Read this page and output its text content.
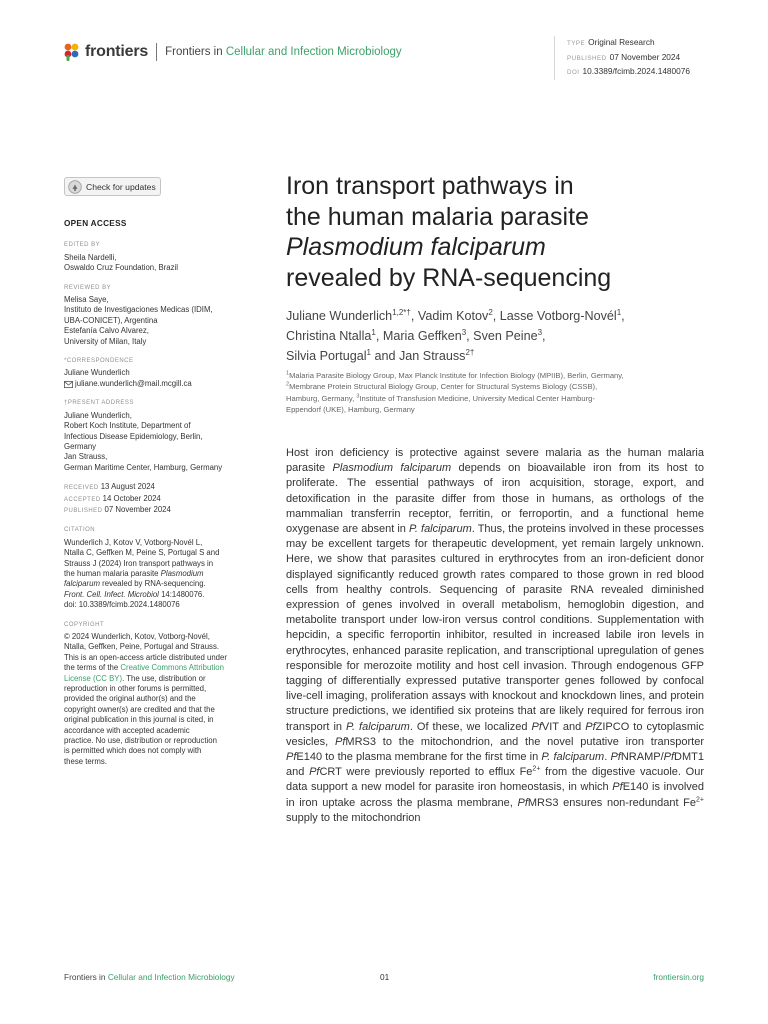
frontiers Frontiers in Cellular and Infection Microbiology
TYPE Original Research
PUBLISHED 07 November 2024
DOI 10.3389/fcimb.2024.1480076
Check for updates
OPEN ACCESS
EDITED BY
Sheila Nardelli,
Oswaldo Cruz Foundation, Brazil
REVIEWED BY
Melisa Saye,
Instituto de Investigaciones Medicas (IDIM,
UBA-CONICET), Argentina
Estefanía Calvo Alvarez,
University of Milan, Italy
*CORRESPONDENCE
Juliane Wunderlich
juliane.wunderlich@mail.mcgill.ca
†PRESENT ADDRESS
Juliane Wunderlich,
Robert Koch Institute, Department of
Infectious Disease Epidemiology, Berlin,
Germany
Jan Strauss,
German Maritime Center, Hamburg, Germany
RECEIVED 13 August 2024
ACCEPTED 14 October 2024
PUBLISHED 07 November 2024
CITATION
Wunderlich J, Kotov V, Votborg-Novél L,
Ntalla C, Geffken M, Peine S, Portugal S and
Strauss J (2024) Iron transport pathways in
the human malaria parasite Plasmodium
falciparum revealed by RNA-sequencing.
Front. Cell. Infect. Microbiol 14:1480076.
doi: 10.3389/fcimb.2024.1480076
COPYRIGHT
© 2024 Wunderlich, Kotov, Votborg-Novél,
Ntalla, Geffken, Peine, Portugal and Strauss.
This is an open-access article distributed under
the terms of the Creative Commons Attribution
License (CC BY). The use, distribution or
reproduction in other forums is permitted,
provided the original author(s) and the
copyright owner(s) are credited and that the
original publication in this journal is cited, in
accordance with accepted academic
practice. No use, distribution or reproduction
is permitted which does not comply with
these terms.
Iron transport pathways in
the human malaria parasite
Plasmodium falciparum
revealed by RNA-sequencing
Juliane Wunderlich$^{1,2*\dagger}$, Vadim Kotov$^2$, Lasse Votborg-Novél$^1$,
Christina Ntalla$^1$, Maria Geffken$^3$, Sven Peine$^3$,
Silvia Portugal$^1$ and Jan Strauss$^{2\dagger}$
$^1$Malaria Parasite Biology Group, Max Planck Institute for Infection Biology (MPIIB), Berlin, Germany,
$^2$Membrane Protein Structural Biology Group, Center for Structural Systems Biology (CSSB),
Hamburg, Germany, $^3$Institute of Transfusion Medicine, University Medical Center Hamburg-
Eppendorf (UKE), Hamburg, Germany

Host iron deficiency is protective against severe malaria as the human malaria parasite Plasmodium falciparum depends on bioavailable iron from its host to proliferate. The essential pathways of iron acquisition, storage, export, and detoxification in the parasite differ from those in humans, as orthologs of the mammalian transferrin receptor, ferritin, or ferroportin, and a functional heme oxygenase are absent in P. falciparum. Thus, the proteins involved in these processes may be excellent targets for therapeutic development, yet remain largely unknown. Here, we show that parasites cultured in erythrocytes from an iron-deficient donor displayed significantly reduced growth rates compared to those grown in red blood cells from healthy controls. Sequencing of parasite RNA revealed diminished expression of genes involved in overall metabolism, hemoglobin digestion, and metabolite transport under low-iron versus control conditions. Supplementation with hepcidin, a specific ferroportin inhibitor, resulted in increased labile iron levels in erythrocytes, enhanced parasite replication, and transcriptional upregulation of genes responsible for merozoite motility and host cell invasion. Through endogenous GFP tagging of differentially expressed putative transporter genes followed by confocal live-cell imaging, proliferation assays with knockout and knockdown lines, and protein structure predictions, we identified six proteins that are likely required for ferrous iron transport in P. falciparum. Of these, we localized PfVIT and PfZIPCO to cytoplasmic vesicles, PfMRS3 to the mitochondrion, and the novel putative iron transporter PfE140 to the plasma membrane for the first time in P. falciparum. PfNRAMP/PfDMT1 and PfCRT were previously reported to efflux $Fe^{2+}$ from the digestive vacuole. Our data support a new model for parasite iron homeostasis, in which PfE140 is involved in iron uptake across the plasma membrane, PfMRS3 ensures non-redundant $Fe^{2+}$ supply to the mitochondrion

Frontiers in Cellular and Infection Microbiology	01	frontiersin.org
